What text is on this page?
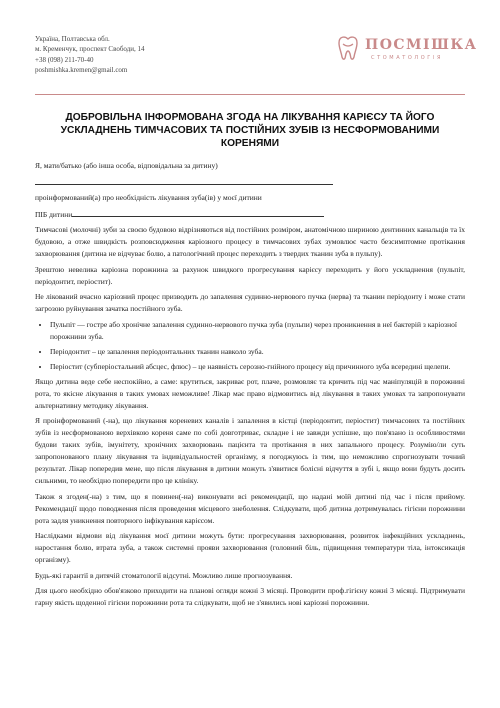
Україна, Полтавська обл.
м. Кременчук, проспект Свободи, 14
+38 (098) 211-70-40
poshmishka.kremen@gmail.com
ПОСМІШКА
СТОМАТОЛОГІЯ
ДОБРОВІЛЬНА ІНФОРМОВАНА ЗГОДА НА ЛІКУВАННЯ КАРІЄСУ ТА ЙОГО УСКЛАДНЕНЬ ТИМЧАСОВИХ ТА ПОСТІЙНИХ ЗУБІВ ІЗ НЕСФОРМОВАНИМИ КОРЕНЯМИ

Я, мати/батько (або інша особа, відповідальна за дитину)

проінформований(а) про необхідність лікування зуба(ів) у моєї дитини

ПІБ дитини

Тимчасові (молочні) зуби за своєю будовою відрізняються від постійних розміром, анатомічною шириною дентинних канальців та їх будовою, а отже швидкість розповсюдження каріозного процесу в тимчасових зубах зумовлює часто безсимптомне протікання захворювання (дитина не відчуває болю, а патологічний процес переходить з твердих тканин зуба в пульпу).

Зрештою невелика каріозна порожнина за рахунок швидкого прогресування карієсу переходить у його ускладнення (пульпіт, періодонтит, періостит).

Не лікований вчасно каріозний процес призводить до запалення судинно-нервового пучка (нерва) та тканин періодонту і може стати загрозою руйнування зачатка постійного зуба.

• Пульпіт — гостре або хронічне запалення судинно-нервового пучка зуба (пульпи) через проникнення в неї бактерій з каріозної порожнини зуба.
• Періодонтит – це запалення періодонтальних тканин навколо зуба.
• Періостит (субперіостальний абсцес, флюс) – це наявність серозно-гнійного процесу від причинного зуба всередині щелепи.

Якщо дитина веде себе неспокійно, а саме: крутиться, закриває рот, плаче, розмовляє та кричить під час маніпуляцій в порожнині рота, то якісне лікування в таких умовах неможливе! Лікар має право відмовитись від лікування в таких умовах та запропонувати альтернативну методику лікування.

Я проінформований (-на), що лікування кореневих каналів і запалення в кістці (періодонтит, періостит) тимчасових та постійних зубів із несформованою верхівкою кореня саме по собі довготриває, складне і не завжди успішне, що пов'язано із особливостями будови таких зубів, імунітету, хронічних захворювань пацієнта та протікання в них запального процесу. Розумію/ли суть запропонованого плану лікування та індивідуальностей організму, я погоджуюсь із тим, що неможливо спрогнозувати точний результат. Лікар попередив мене, що після лікування в дитини можуть з'явитися болісні відчуття в зубі і, якщо вони будуть досить сильними, то необхідно попередити про це клініку.

Також я згоден(-на) з тим, що я повинен(-на) виконувати всі рекомендації, що надані моїй дитині під час і після прийому. Рекомендації щодо поводження після проведення місцевого знеболення. Слідкувати, щоб дитина дотримувалась гігієни порожнини рота задля уникнення повторного інфікування карієсом.

Наслідками відмови від лікування моєї дитини можуть бути: прогресування захворювання, розвиток інфекційних ускладнень, наростання болю, втрата зуба, а також системні прояви захворювання (головний біль, підвищення температури тіла, інтоксикація організму).

Будь-які гарантії в дитячій стоматології відсутні. Можливо лише прогнозування.

Для цього необхідно обов'язково приходити на планові огляди кожні 3 місяці. Проводити проф.гігієну кожні 3 місяці. Підтримувати гарну якість щоденної гігієни порожнини рота та слідкувати, щоб не з'явились нові каріозні порожнини.
